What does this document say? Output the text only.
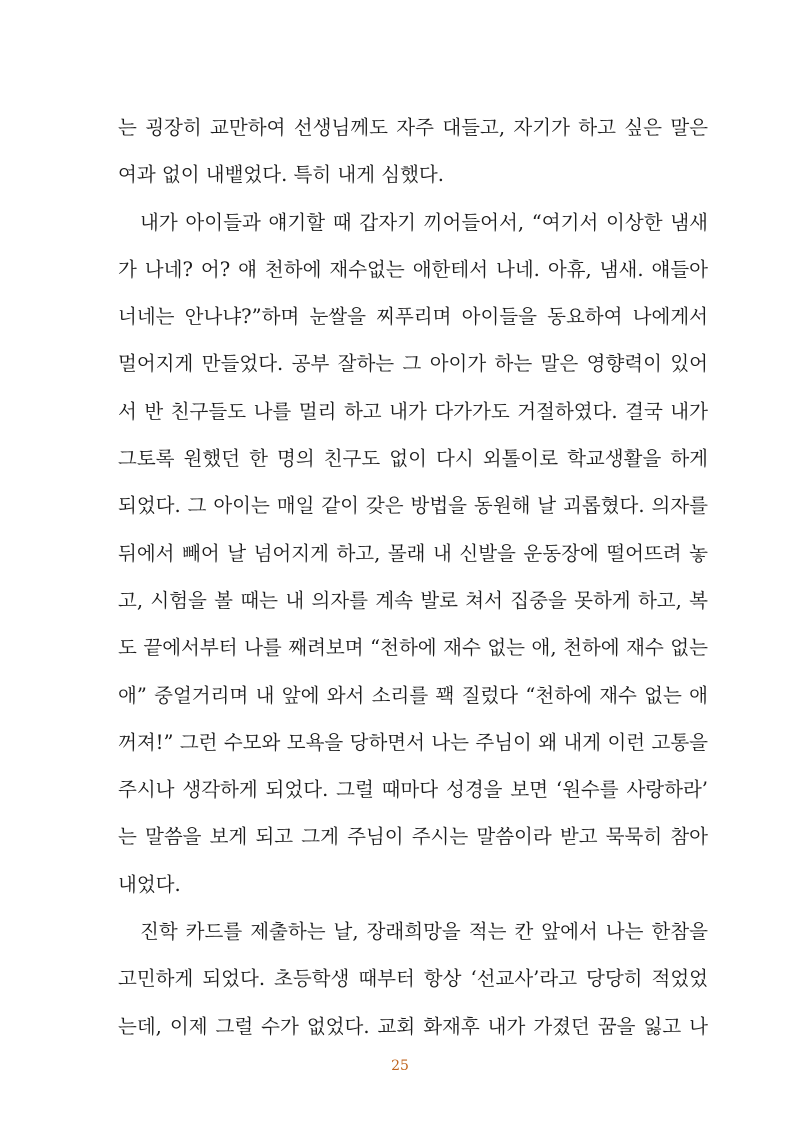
는 굉장히 교만하여 선생님께도 자주 대들고, 자기가 하고 싶은 말은
여과 없이 내뱉었다. 특히 내게 심했다.
내가 아이들과 얘기할 때 갑자기 끼어들어서, “여기서 이상한 냄새
가 나네? 어? 얘 천하에 재수없는 애한테서 나네. 아휴, 냄새. 얘들아
너네는 안나냐?”하며 눈쌀을 찌푸리며 아이들을 동요하여 나에게서
멀어지게 만들었다. 공부 잘하는 그 아이가 하는 말은 영향력이 있어
서 반 친구들도 나를 멀리 하고 내가 다가가도 거절하였다. 결국 내가
그토록 원했던 한 명의 친구도 없이 다시 외톨이로 학교생활을 하게
되었다. 그 아이는 매일 같이 갖은 방법을 동원해 날 괴롭혔다. 의자를
뒤에서 빼어 날 넘어지게 하고, 몰래 내 신발을 운동장에 떨어뜨려 놓
고, 시험을 볼 때는 내 의자를 계속 발로 쳐서 집중을 못하게 하고, 복
도 끝에서부터 나를 째려보며 “천하에 재수 없는 애, 천하에 재수 없는
애” 중얼거리며 내 앞에 와서 소리를 꽥 질렀다 “천하에 재수 없는 애
꺼져!” 그런 수모와 모욕을 당하면서 나는 주님이 왜 내게 이런 고통을
주시나 생각하게 되었다. 그럴 때마다 성경을 보면 ‘원수를 사랑하라’
는 말씀을 보게 되고 그게 주님이 주시는 말씀이라 받고 묵묵히 참아
내었다.
진학 카드를 제출하는 날, 장래희망을 적는 칸 앞에서 나는 한참을
고민하게 되었다. 초등학생 때부터 항상 ‘선교사’라고 당당히 적었었
는데, 이제 그럴 수가 없었다. 교회 화재후 내가 가졌던 꿈을 잃고 나
25
